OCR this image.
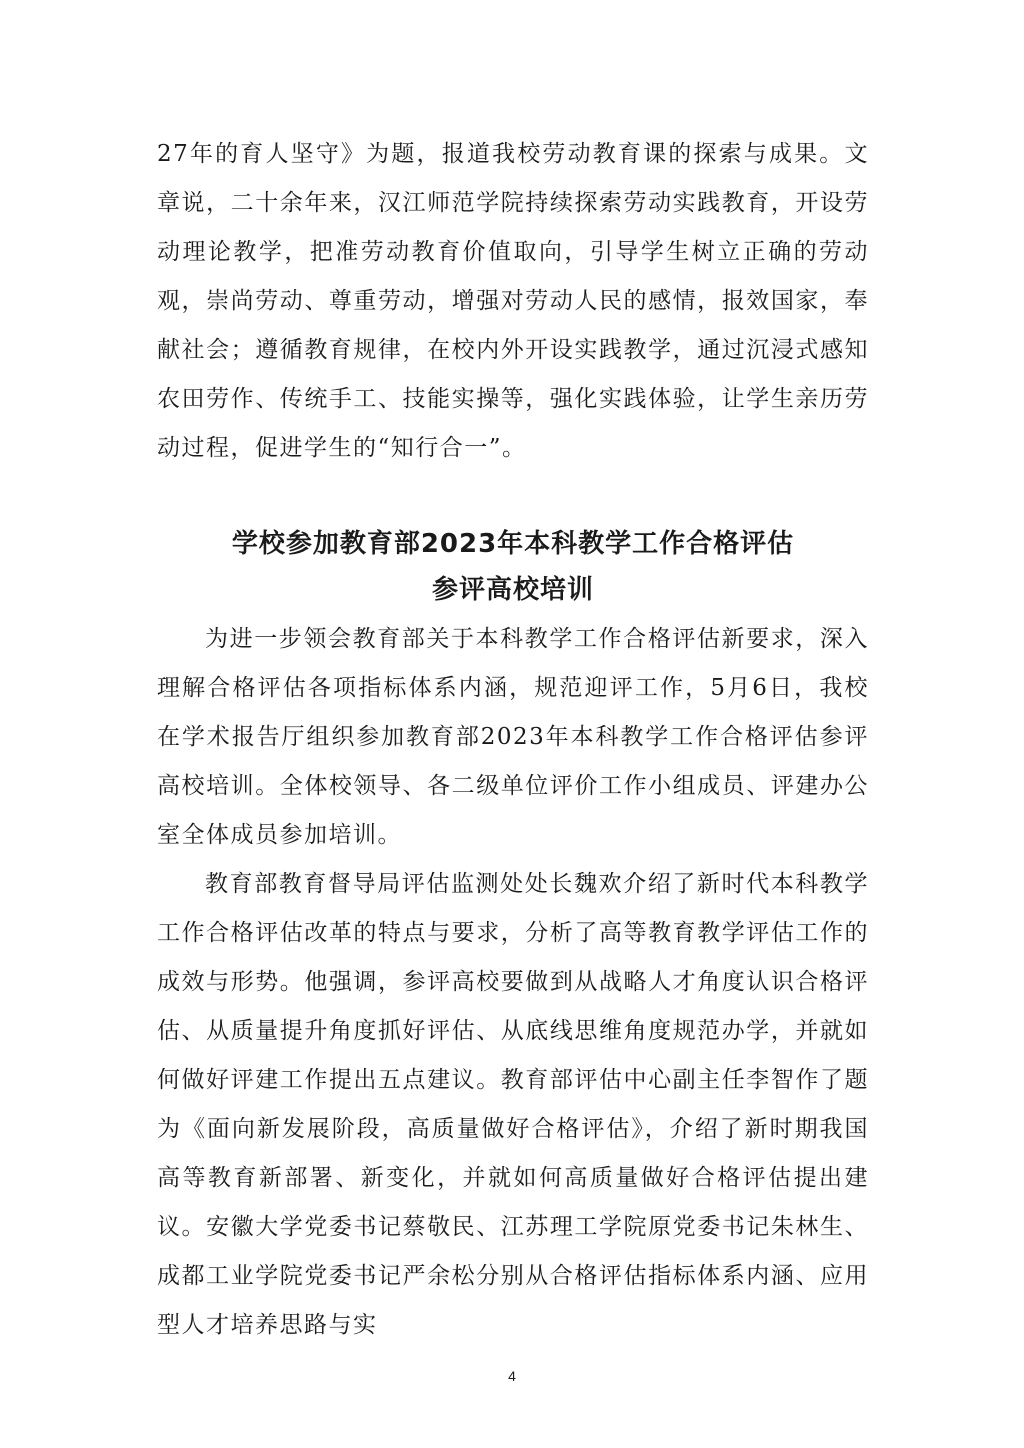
27年的育人坚守》为题，报道我校劳动教育课的探索与成果。文章说，二十余年来，汉江师范学院持续探索劳动实践教育，开设劳动理论教学，把准劳动教育价值取向，引导学生树立正确的劳动观，崇尚劳动、尊重劳动，增强对劳动人民的感情，报效国家，奉献社会；遵循教育规律，在校内外开设实践教学，通过沉浸式感知农田劳作、传统手工、技能实操等，强化实践体验，让学生亲历劳动过程，促进学生的“知行合一”。

学校参加教育部2023年本科教学工作合格评估
参评高校培训

为进一步领会教育部关于本科教学工作合格评估新要求，深入理解合格评估各项指标体系内涵，规范迎评工作，5月6日，我校在学术报告厅组织参加教育部2023年本科教学工作合格评估参评高校培训。全体校领导、各二级单位评价工作小组成员、评建办公室全体成员参加培训。

教育部教育督导局评估监测处处长魏欢介绍了新时代本科教学工作合格评估改革的特点与要求，分析了高等教育教学评估工作的成效与形势。他强调，参评高校要做到从战略人才角度认识合格评估、从质量提升角度抓好评估、从底线思维角度规范办学，并就如何做好评建工作提出五点建议。教育部评估中心副主任李智作了题为《面向新发展阶段，高质量做好合格评估》，介绍了新时期我国高等教育新部署、新变化，并就如何高质量做好合格评估提出建议。安徽大学党委书记蔡敬民、江苏理工学院原党委书记朱林生、成都工业学院党委书记严余松分别从合格评估指标体系内涵、应用型人才培养思路与实

4
